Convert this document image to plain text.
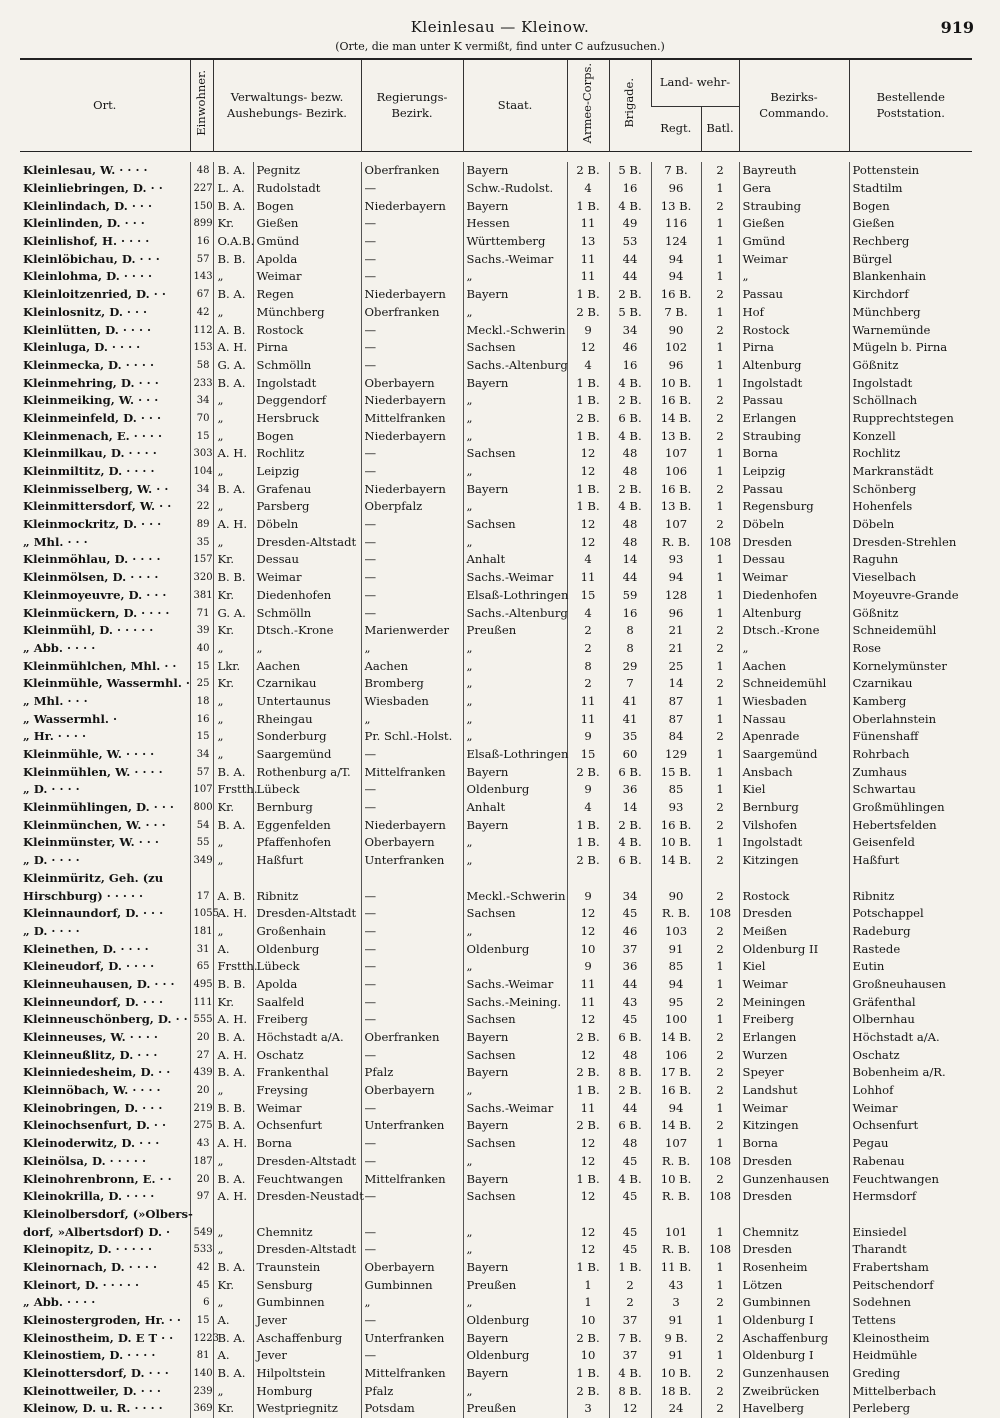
Kleinlesau — Kleinow.	919
(Orte, die man unter K vermißt, find unter C aufzusuchen.)
Ort.	Einwohner.	Verwaltungs- bezw. Aushebungs- Bezirk.		Regierungs- Bezirk.	Staat.	Armee-Corps.	Brigade.	Land- wehr-		Bezirks- Commando.	Bestellende Poststation.
								Regt.	Batl.		

Kleinlesau, W. · · · ·	48	B. A.	Pegnitz	Oberfranken	Bayern	2 B.	5 B.	7 B.	2	Bayreuth	Pottenstein
Kleinliebringen, D. · ·	227	L. A.	Rudolstadt	—	Schw.-Rudolst.	4	16	96	1	Gera	Stadtilm
Kleinlindach, D. · · ·	150	B. A.	Bogen	Niederbayern	Bayern	1 B.	4 B.	13 B.	2	Straubing	Bogen
Kleinlinden, D. · · ·	899	Kr.	Gießen	—	Hessen	11	49	116	1	Gießen	Gießen
Kleinlishof, H. · · · ·	16	O.A.B.	Gmünd	—	Württemberg	13	53	124	1	Gmünd	Rechberg
Kleinlöbichau, D. · · ·	57	B. B.	Apolda	—	Sachs.-Weimar	11	44	94	1	Weimar	Bürgel
Kleinlohma, D. · · · ·	143	„	Weimar	—	„	11	44	94	1	„	Blankenhain
Kleinloitzenried, D. · ·	67	B. A.	Regen	Niederbayern	Bayern	1 B.	2 B.	16 B.	2	Passau	Kirchdorf
Kleinlosnitz, D. · · ·	42	„	Münchberg	Oberfranken	„	2 B.	5 B.	7 B.	1	Hof	Münchberg
Kleinlütten, D. · · · ·	112	A. B.	Rostock	—	Meckl.-Schwerin	9	34	90	2	Rostock	Warnemünde
Kleinluga, D. · · · ·	153	A. H.	Pirna	—	Sachsen	12	46	102	1	Pirna	Mügeln b. Pirna
Kleinmecka, D. · · · ·	58	G. A.	Schmölln	—	Sachs.-Altenburg	4	16	96	1	Altenburg	Gößnitz
Kleinmehring, D. · · ·	233	B. A.	Ingolstadt	Oberbayern	Bayern	1 B.	4 B.	10 B.	1	Ingolstadt	Ingolstadt
Kleinmeiking, W. · · ·	34	„	Deggendorf	Niederbayern	„	1 B.	2 B.	16 B.	2	Passau	Schöllnach
Kleinmeinfeld, D. · · ·	70	„	Hersbruck	Mittelfranken	„	2 B.	6 B.	14 B.	2	Erlangen	Rupprechtstegen
Kleinmenach, E. · · · ·	15	„	Bogen	Niederbayern	„	1 B.	4 B.	13 B.	2	Straubing	Konzell
Kleinmilkau, D. · · · ·	303	A. H.	Rochlitz	—	Sachsen	12	48	107	1	Borna	Rochlitz
Kleinmiltitz, D. · · · ·	104	„	Leipzig	—	„	12	48	106	1	Leipzig	Markranstädt
Kleinmisselberg, W. · ·	34	B. A.	Grafenau	Niederbayern	Bayern	1 B.	2 B.	16 B.	2	Passau	Schönberg
Kleinmittersdorf, W. · ·	22	„	Parsberg	Oberpfalz	„	1 B.	4 B.	13 B.	1	Regensburg	Hohenfels
Kleinmockritz, D. · · ·	89	A. H.	Döbeln	—	Sachsen	12	48	107	2	Döbeln	Döbeln
„ Mhl. · · ·	35	„	Dresden-Altstadt	—	„	12	48	R. B.	108	Dresden	Dresden-Strehlen
Kleinmöhlau, D. · · · ·	157	Kr.	Dessau	—	Anhalt	4	14	93	1	Dessau	Raguhn
Kleinmölsen, D. · · · ·	320	B. B.	Weimar	—	Sachs.-Weimar	11	44	94	1	Weimar	Vieselbach
Kleinmoyeuvre, D. · · ·	381	Kr.	Diedenhofen	—	Elsaß-Lothringen	15	59	128	1	Diedenhofen	Moyeuvre-Grande
Kleinmückern, D. · · · ·	71	G. A.	Schmölln	—	Sachs.-Altenburg	4	16	96	1	Altenburg	Gößnitz
Kleinmühl, D. · · · · ·	39	Kr.	Dtsch.-Krone	Marienwerder	Preußen	2	8	21	2	Dtsch.-Krone	Schneidemühl
„ Abb. · · · ·	40	„	„	„	„	2	8	21	2	„	Rose
Kleinmühlchen, Mhl. · ·	15	Lkr.	Aachen	Aachen	„	8	29	25	1	Aachen	Kornelymünster
Kleinmühle, Wassermhl. ·	25	Kr.	Czarnikau	Bromberg	„	2	7	14	2	Schneidemühl	Czarnikau
„ Mhl. · · ·	18	„	Untertaunus	Wiesbaden	„	11	41	87	1	Wiesbaden	Kamberg
„ Wassermhl. ·	16	„	Rheingau	„	„	11	41	87	1	Nassau	Oberlahnstein
„ Hr. · · · ·	15	„	Sonderburg	Pr. Schl.-Holst.	„	9	35	84	2	Apenrade	Fünenshaff
Kleinmühle, W. · · · ·	34	„	Saargemünd	—	Elsaß-Lothringen	15	60	129	1	Saargemünd	Rohrbach
Kleinmühlen, W. · · · ·	57	B. A.	Rothenburg a/T.	Mittelfranken	Bayern	2 B.	6 B.	15 B.	1	Ansbach	Zumhaus
„ D. · · · ·	107	Frstth.	Lübeck	—	Oldenburg	9	36	85	1	Kiel	Schwartau
Kleinmühlingen, D. · · ·	800	Kr.	Bernburg	—	Anhalt	4	14	93	2	Bernburg	Großmühlingen
Kleinmünchen, W. · · ·	54	B. A.	Eggenfelden	Niederbayern	Bayern	1 B.	2 B.	16 B.	2	Vilshofen	Hebertsfelden
Kleinmünster, W. · · ·	55	„	Pfaffenhofen	Oberbayern	„	1 B.	4 B.	10 B.	1	Ingolstadt	Geisenfeld
„ D. · · · ·	349	„	Haßfurt	Unterfranken	„	2 B.	6 B.	14 B.	2	Kitzingen	Haßfurt
Kleinmüritz, Geh. (zu											
Hirschburg) · · · · ·	17	A. B.	Ribnitz	—	Meckl.-Schwerin	9	34	90	2	Rostock	Ribnitz
Kleinnaundorf, D. · · ·	1055	A. H.	Dresden-Altstadt	—	Sachsen	12	45	R. B.	108	Dresden	Potschappel
„ D. · · · ·	181	„	Großenhain	—	„	12	46	103	2	Meißen	Radeburg
Kleinethen, D. · · · ·	31	A.	Oldenburg	—	Oldenburg	10	37	91	2	Oldenburg II	Rastede
Kleineudorf, D. · · · ·	65	Frstth.	Lübeck	—	„	9	36	85	1	Kiel	Eutin
Kleinneuhausen, D. · · ·	495	B. B.	Apolda	—	Sachs.-Weimar	11	44	94	1	Weimar	Großneuhausen
Kleinneundorf, D. · · ·	111	Kr.	Saalfeld	—	Sachs.-Meining.	11	43	95	2	Meiningen	Gräfenthal
Kleinneuschönberg, D. · ·	555	A. H.	Freiberg	—	Sachsen	12	45	100	1	Freiberg	Olbernhau
Kleinneuses, W. · · · ·	20	B. A.	Höchstadt a/A.	Oberfranken	Bayern	2 B.	6 B.	14 B.	2	Erlangen	Höchstadt a/A.
Kleinneußlitz, D. · · ·	27	A. H.	Oschatz	—	Sachsen	12	48	106	2	Wurzen	Oschatz
Kleinniedesheim, D. · ·	439	B. A.	Frankenthal	Pfalz	Bayern	2 B.	8 B.	17 B.	2	Speyer	Bobenheim a/R.
Kleinnöbach, W. · · · ·	20	„	Freysing	Oberbayern	„	1 B.	2 B.	16 B.	2	Landshut	Lohhof
Kleinobringen, D. · · ·	219	B. B.	Weimar	—	Sachs.-Weimar	11	44	94	1	Weimar	Weimar
Kleinochsenfurt, D. · ·	275	B. A.	Ochsenfurt	Unterfranken	Bayern	2 B.	6 B.	14 B.	2	Kitzingen	Ochsenfurt
Kleinoderwitz, D. · · ·	43	A. H.	Borna	—	Sachsen	12	48	107	1	Borna	Pegau
Kleinölsa, D. · · · · ·	187	„	Dresden-Altstadt	—	„	12	45	R. B.	108	Dresden	Rabenau
Kleinohrenbronn, E. · ·	20	B. A.	Feuchtwangen	Mittelfranken	Bayern	1 B.	4 B.	10 B.	2	Gunzenhausen	Feuchtwangen
Kleinokrilla, D. · · · ·	97	A. H.	Dresden-Neustadt	—	Sachsen	12	45	R. B.	108	Dresden	Hermsdorf
Kleinolbersdorf, (»Olbers-											
dorf, »Albertsdorf) D. ·	549	„	Chemnitz	—	„	12	45	101	1	Chemnitz	Einsiedel
Kleinopitz, D. · · · · ·	533	„	Dresden-Altstadt	—	„	12	45	R. B.	108	Dresden	Tharandt
Kleinornach, D. · · · ·	42	B. A.	Traunstein	Oberbayern	Bayern	1 B.	1 B.	11 B.	1	Rosenheim	Frabertsham
Kleinort, D. · · · · ·	45	Kr.	Sensburg	Gumbinnen	Preußen	1	2	43	1	Lötzen	Peitschendorf
„ Abb. · · · ·	6	„	Gumbinnen	„	„	1	2	3	2	Gumbinnen	Sodehnen
Kleinostergroden, Hr. · ·	15	A.	Jever	—	Oldenburg	10	37	91	1	Oldenburg I	Tettens
Kleinostheim, D. E T · ·	1223	B. A.	Aschaffenburg	Unterfranken	Bayern	2 B.	7 B.	9 B.	2	Aschaffenburg	Kleinostheim
Kleinostiem, D. · · · ·	81	A.	Jever	—	Oldenburg	10	37	91	1	Oldenburg I	Heidmühle
Kleinottersdorf, D. · · ·	140	B. A.	Hilpoltstein	Mittelfranken	Bayern	1 B.	4 B.	10 B.	2	Gunzenhausen	Greding
Kleinottweiler, D. · · ·	239	„	Homburg	Pfalz	„	2 B.	8 B.	18 B.	2	Zweibrücken	Mittelberbach
Kleinow, D. u. R. · · · ·	369	Kr.	Westpriegnitz	Potsdam	Preußen	3	12	24	2	Havelberg	Perleberg
